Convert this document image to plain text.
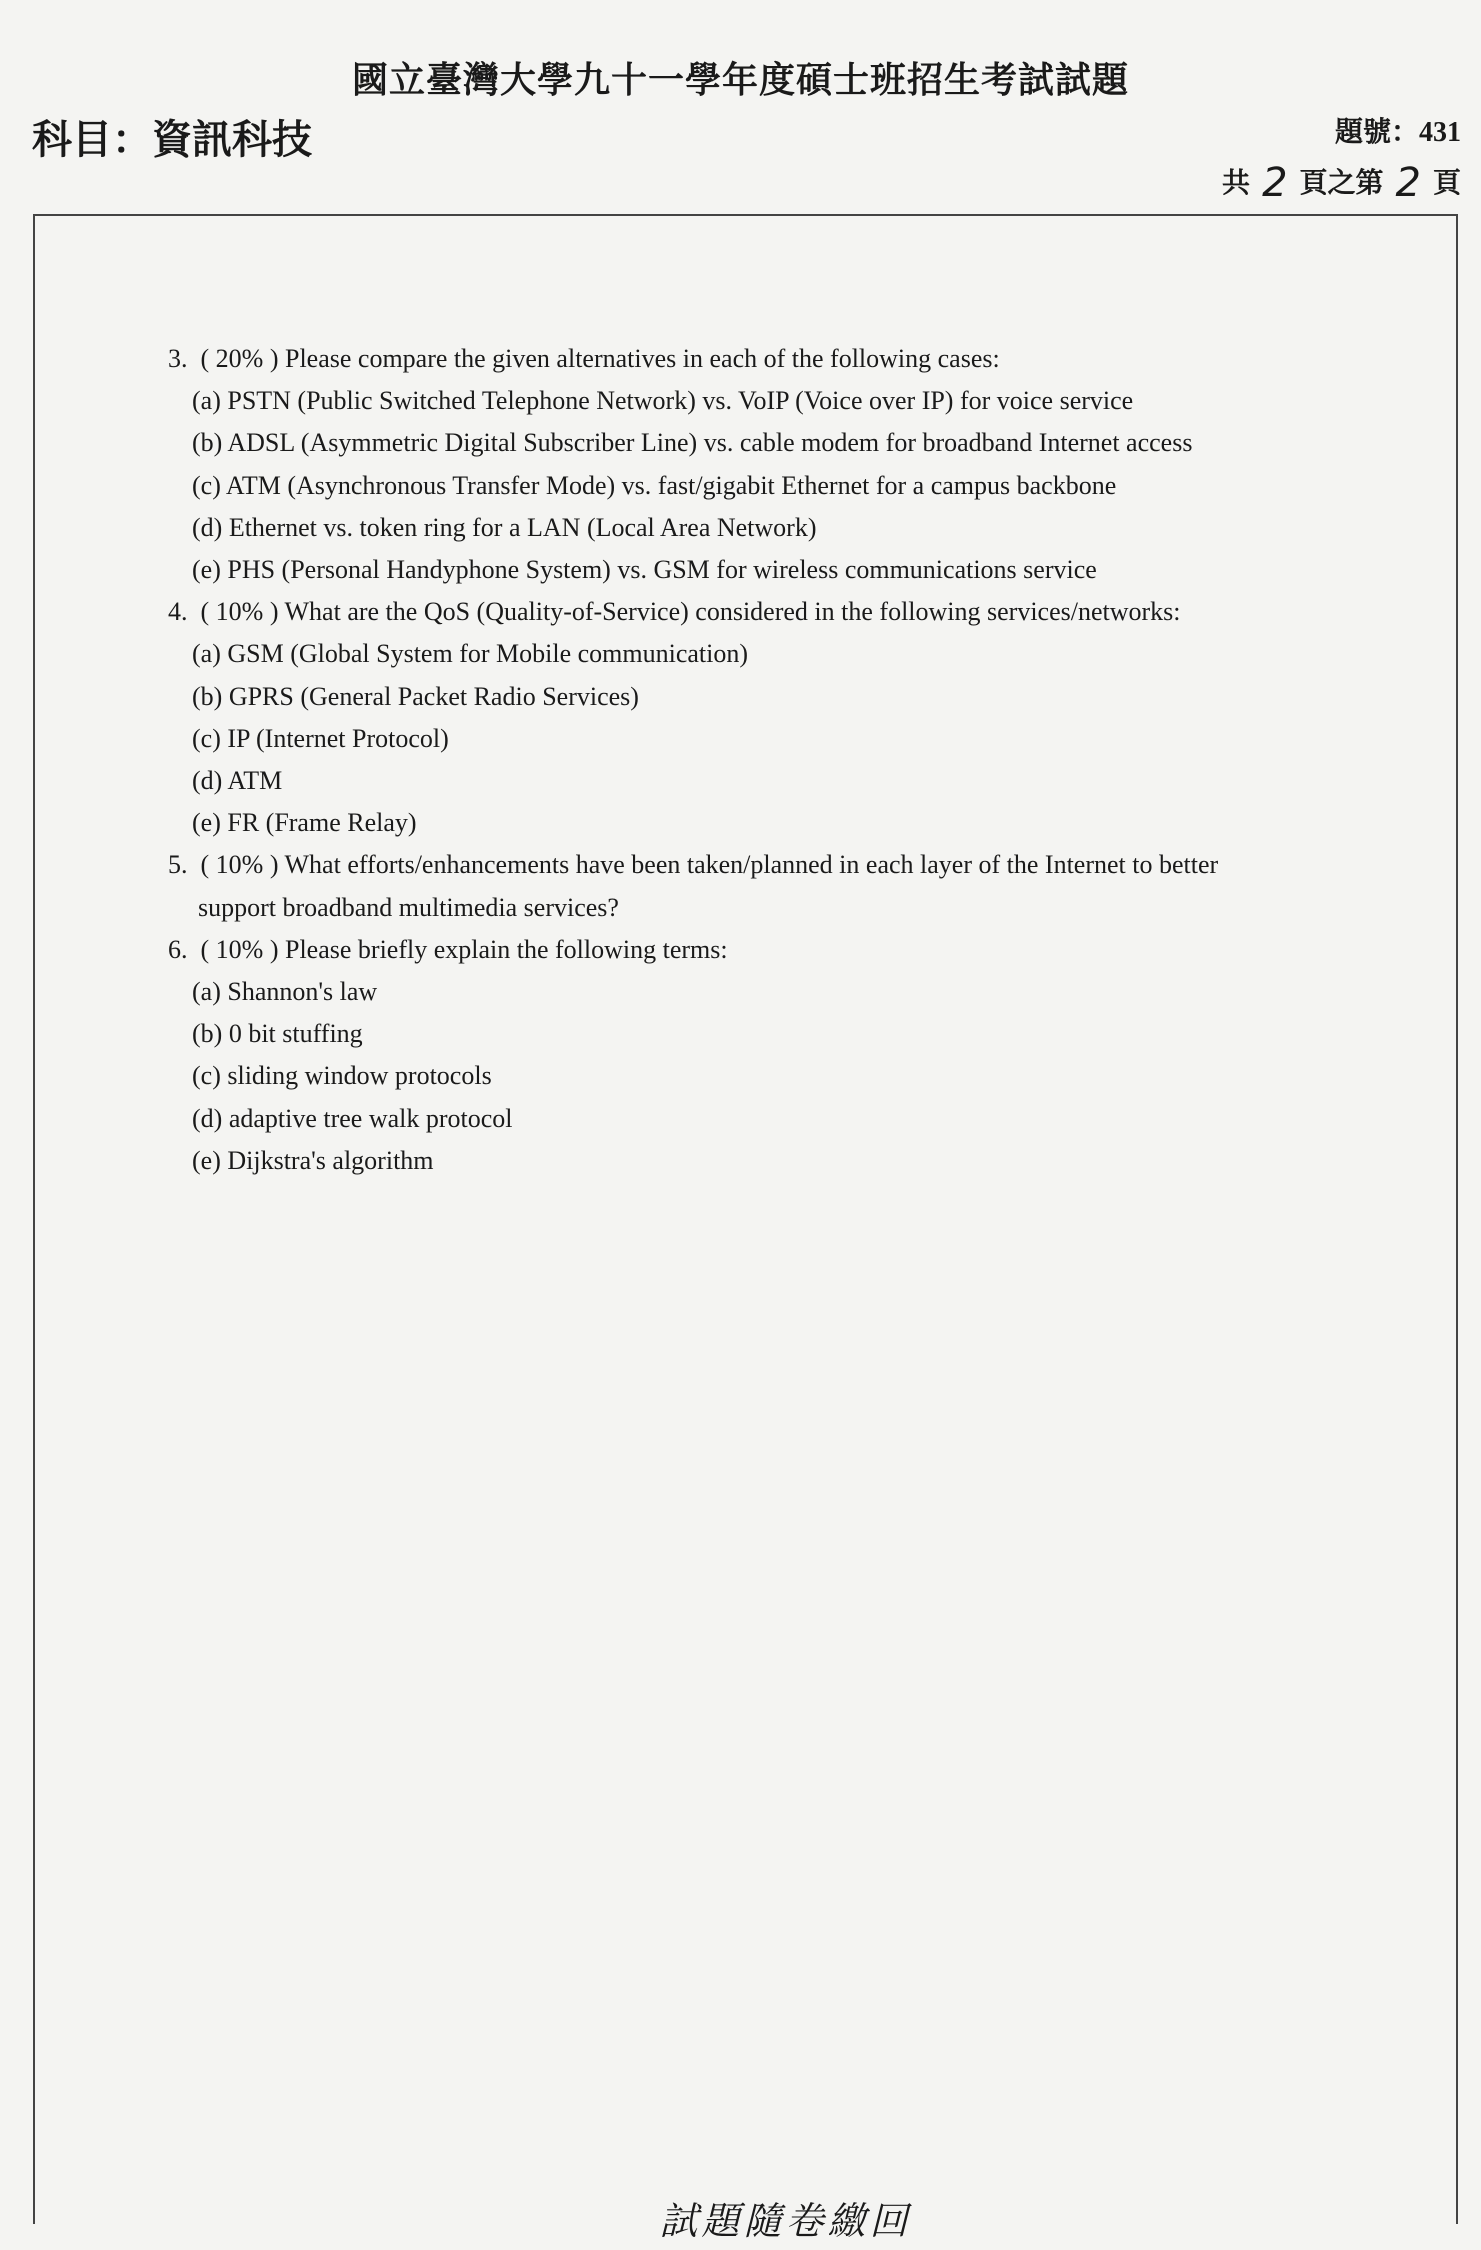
國立臺灣大學九十一學年度碩士班招生考試試題
科目：資訊科技	題號：431
共 2 頁之第 2 頁
3. ( 20% ) Please compare the given alternatives in each of the following cases:
(a) PSTN (Public Switched Telephone Network) vs. VoIP (Voice over IP) for voice service
(b) ADSL (Asymmetric Digital Subscriber Line) vs. cable modem for broadband Internet access
(c) ATM (Asynchronous Transfer Mode) vs. fast/gigabit Ethernet for a campus backbone
(d) Ethernet vs. token ring for a LAN (Local Area Network)
(e) PHS (Personal Handyphone System) vs. GSM for wireless communications service
4. ( 10% ) What are the QoS (Quality-of-Service) considered in the following services/networks:
(a) GSM (Global System for Mobile communication)
(b) GPRS (General Packet Radio Services)
(c) IP (Internet Protocol)
(d) ATM
(e) FR (Frame Relay)
5. ( 10% ) What efforts/enhancements have been taken/planned in each layer of the Internet to better
support broadband multimedia services?
6. ( 10% ) Please briefly explain the following terms:
(a) Shannon's law
(b) 0 bit stuffing
(c) sliding window protocols
(d) adaptive tree walk protocol
(e) Dijkstra's algorithm
試題隨卷繳回
